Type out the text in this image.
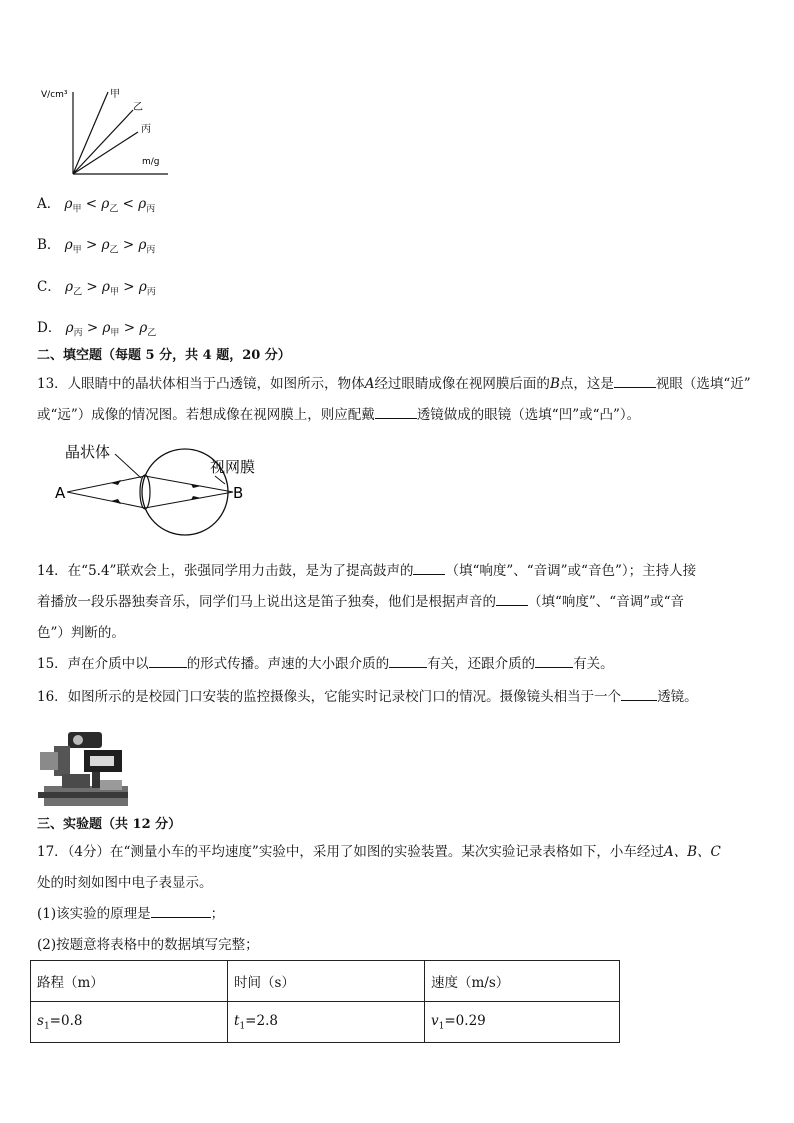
V/cm³
m/g
甲
乙
丙
A． $\rho_甲 < \rho_乙 < \rho_丙$
B． $\rho_甲 > \rho_乙 > \rho_丙$
C． $\rho_乙 > \rho_甲 > \rho_丙$
D． $\rho_丙 > \rho_甲 > \rho_乙$
二、填空题（每题 5 分，共 4 题，20 分）
13．人眼睛中的晶状体相当于凸透镜，如图所示，物体A经过眼睛成像在视网膜后面的B点，这是	视眼（选填“近”
或“远”）成像的情况图。若想成像在视网膜上，则应配戴	透镜做成的眼镜（选填“凹”或“凸”）。
晶状体
视网膜
A	B
14．在“5.4”联欢会上，张强同学用力击鼓，是为了提高鼓声的 （填“响度”、“音调”或“音色”）；主持人接
着播放一段乐器独奏音乐，同学们马上说出这是笛子独奏，他们是根据声音的 （填“响度”、“音调”或“音
色”）判断的。
15．声在介质中以	的形式传播。声速的大小跟介质的	有关，还跟介质的	有关。
16．如图所示的是校园门口安装的监控摄像头，它能实时记录校门口的情况。摄像镜头相当于一个	透镜。
三、实验题（共 12 分）
17．（4分）在“测量小车的平均速度”实验中，采用了如图的实验装置。某次实验记录表格如下，小车经过A、B、C
处的时刻如图中电子表显示。
(1)该实验的原理是	；
(2)按题意将表格中的数据填写完整；
路程（m）	时间（s）	速度（m/s）
$s_1=0.8$	$t_1=2.8$	$v_1=0.29$
